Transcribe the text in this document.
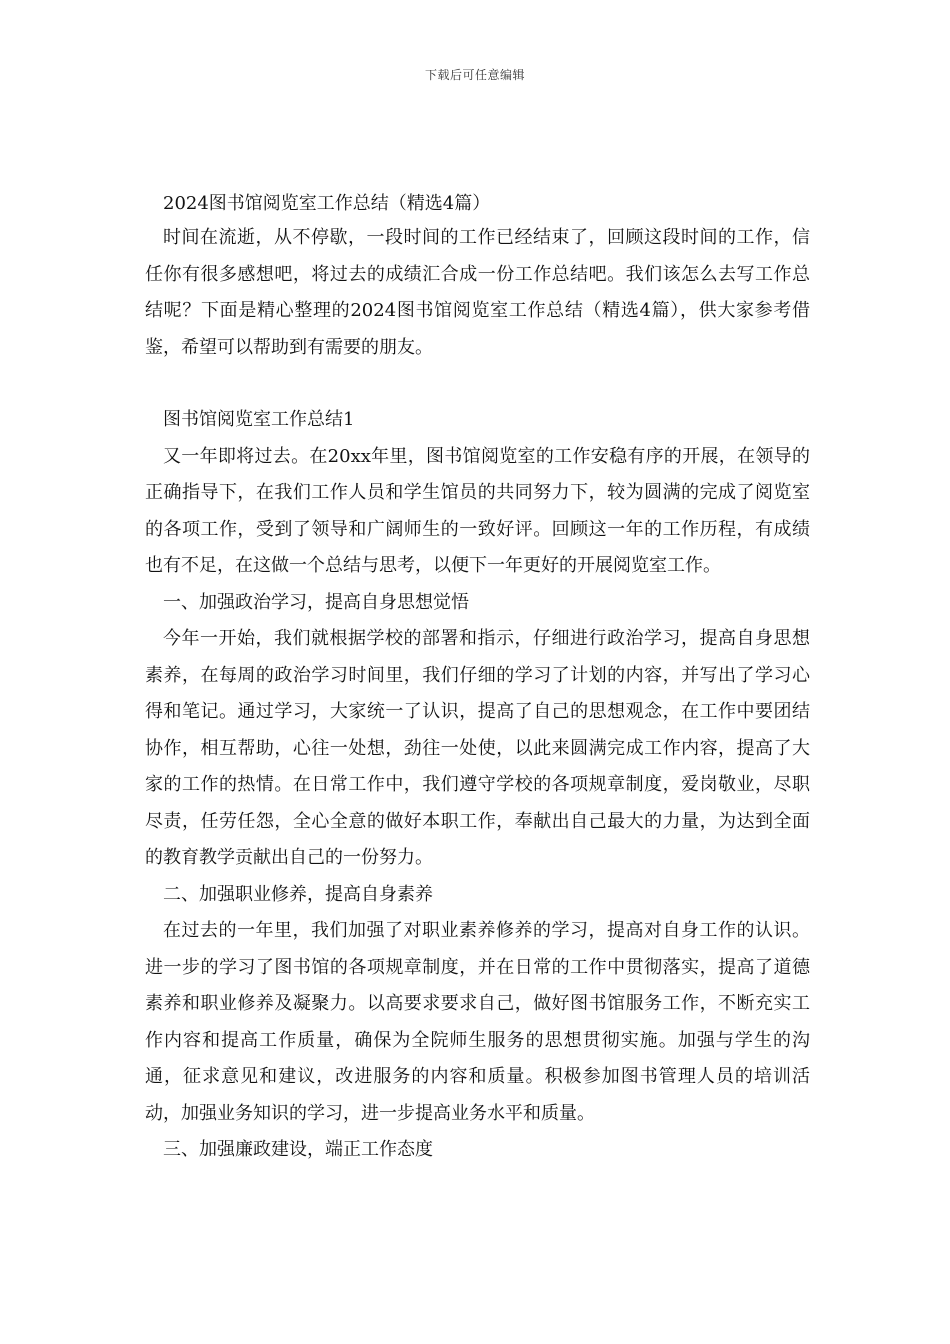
下载后可任意编辑
2024图书馆阅览室工作总结（精选4篇）

时间在流逝，从不停歇，一段时间的工作已经结束了，回顾这段时间的工作，信任你有很多感想吧，将过去的成绩汇合成一份工作总结吧。我们该怎么去写工作总结呢？下面是精心整理的2024图书馆阅览室工作总结（精选4篇），供大家参考借鉴，希望可以帮助到有需要的朋友。

图书馆阅览室工作总结1

又一年即将过去。在20xx年里，图书馆阅览室的工作安稳有序的开展，在领导的正确指导下，在我们工作人员和学生馆员的共同努力下，较为圆满的完成了阅览室的各项工作，受到了领导和广阔师生的一致好评。回顾这一年的工作历程，有成绩也有不足，在这做一个总结与思考，以便下一年更好的开展阅览室工作。

一、加强政治学习，提高自身思想觉悟

今年一开始，我们就根据学校的部署和指示，仔细进行政治学习，提高自身思想素养，在每周的政治学习时间里，我们仔细的学习了计划的内容，并写出了学习心得和笔记。通过学习，大家统一了认识，提高了自己的思想观念，在工作中要团结协作，相互帮助，心往一处想，劲往一处使，以此来圆满完成工作内容，提高了大家的工作的热情。在日常工作中，我们遵守学校的各项规章制度，爱岗敬业，尽职尽责，任劳任怨，全心全意的做好本职工作，奉献出自己最大的力量，为达到全面的教育教学贡献出自己的一份努力。

二、加强职业修养，提高自身素养

在过去的一年里，我们加强了对职业素养修养的学习，提高对自身工作的认识。进一步的学习了图书馆的各项规章制度，并在日常的工作中贯彻落实，提高了道德素养和职业修养及凝聚力。以高要求要求自己，做好图书馆服务工作，不断充实工作内容和提高工作质量，确保为全院师生服务的思想贯彻实施。加强与学生的沟通，征求意见和建议，改进服务的内容和质量。积极参加图书管理人员的培训活动，加强业务知识的学习，进一步提高业务水平和质量。

三、加强廉政建设，端正工作态度
